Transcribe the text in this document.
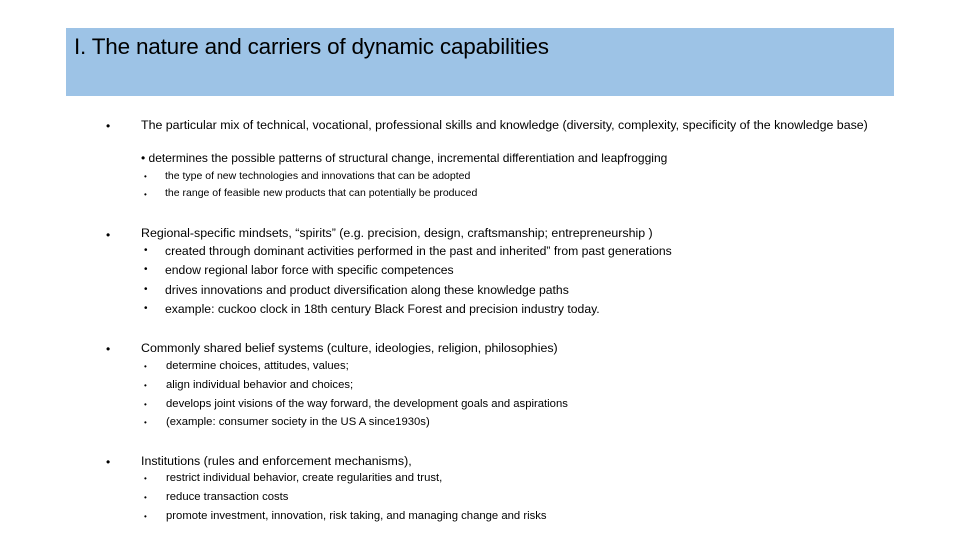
I. The nature and carriers of dynamic capabilities
• The particular mix of technical, vocational, professional skills and knowledge (diversity, complexity, specificity of the knowledge base)
• determines the possible patterns of structural change, incremental differentiation and leapfrogging
• the type of new technologies and innovations that can be adopted
• the range of feasible new products that can potentially be produced
• Regional-specific mindsets, “spirits” (e.g. precision, design, craftsmanship; entrepreneurship )
• created through dominant activities performed in the past and inherited” from past generations
• endow regional labor force with specific competences
• drives innovations and product diversification along these knowledge paths
• example: cuckoo clock in 18th century Black Forest and precision industry today.
• Commonly shared belief systems (culture, ideologies, religion, philosophies)
• determine choices, attitudes, values;
• align individual behavior and choices;
• develops joint visions of the way forward, the development goals and aspirations
• (example: consumer society in the US A since1930s)
• Institutions (rules and enforcement mechanisms),
• restrict individual behavior, create regularities and trust,
• reduce transaction costs
• promote investment, innovation, risk taking, and managing change and risks
